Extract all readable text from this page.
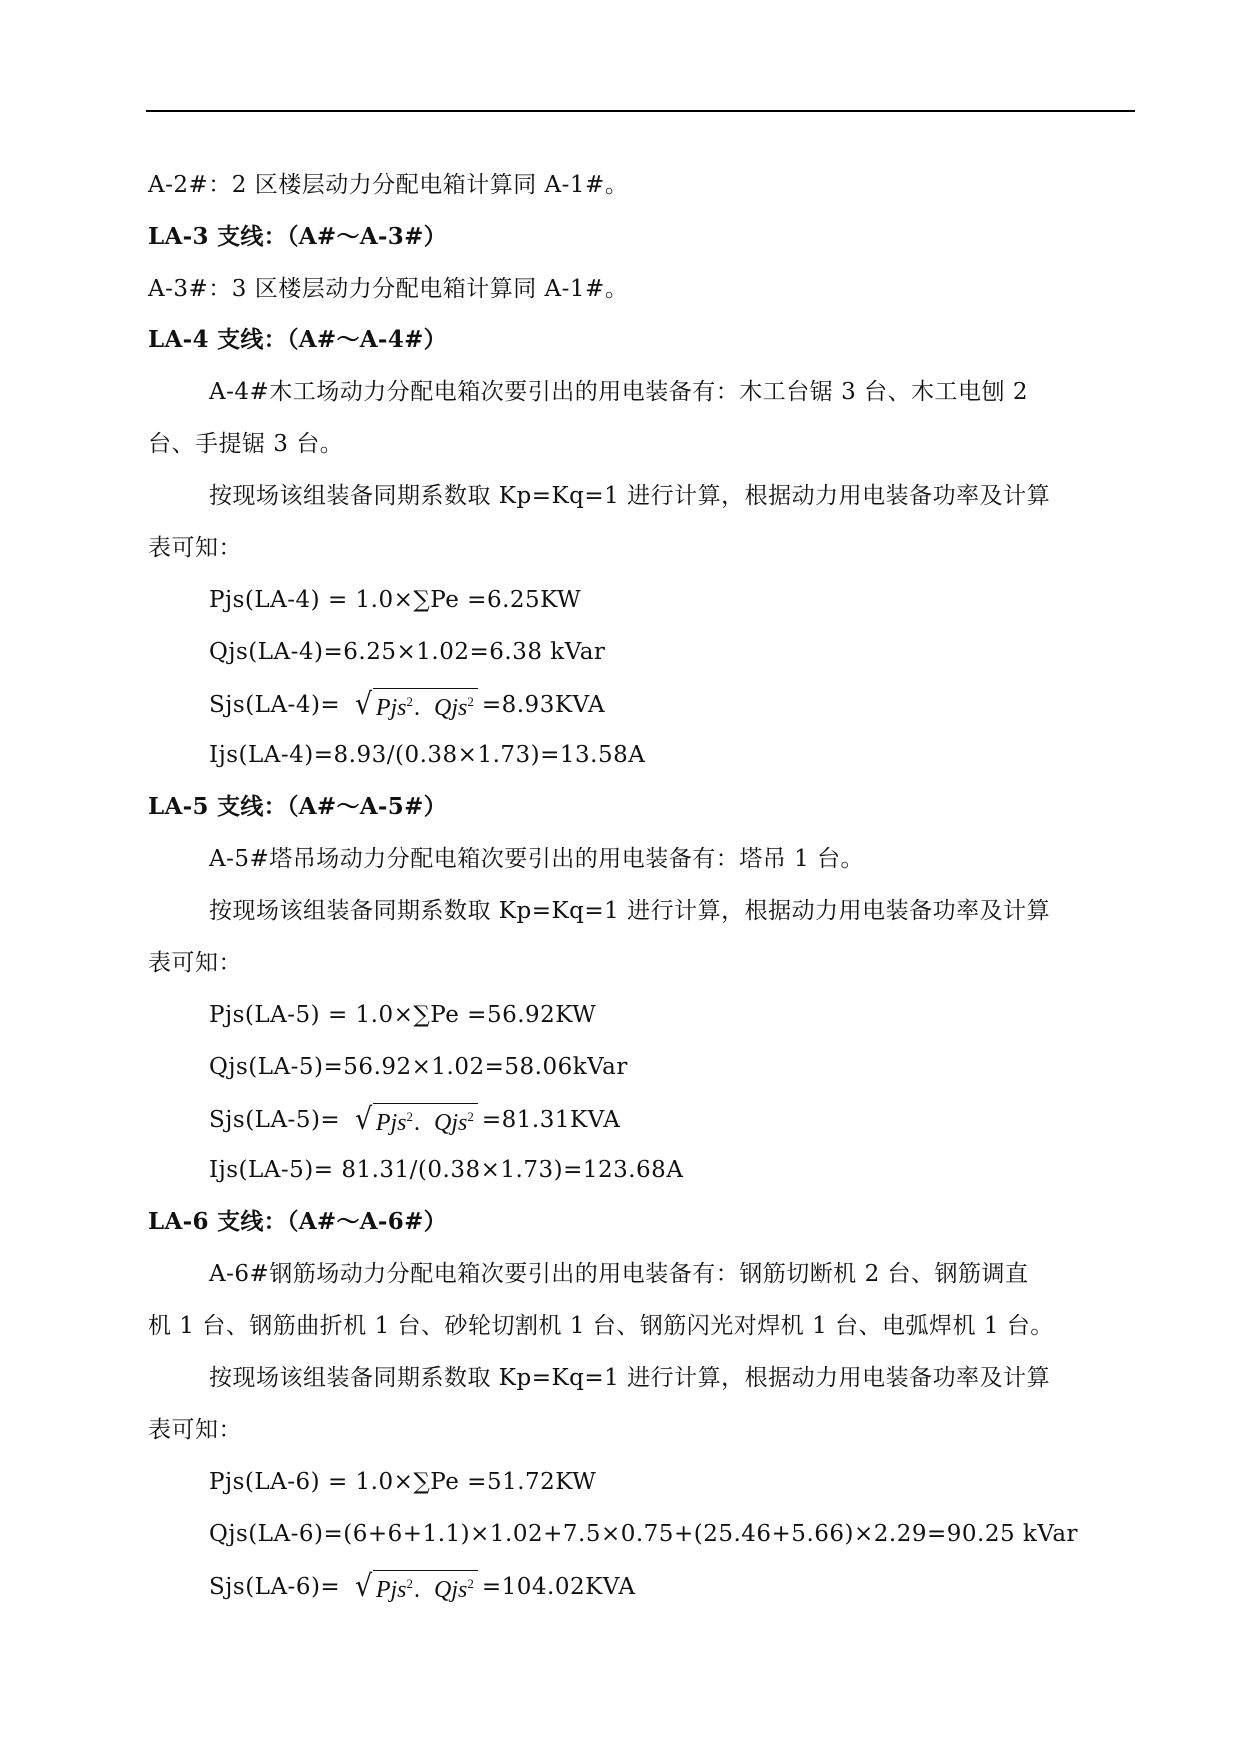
A-2#：2 区楼层动力分配电箱计算同 A-1#。
LA-3 支线：（A#～A-3#）
A-3#：3 区楼层动力分配电箱计算同 A-1#。
LA-4 支线：（A#～A-4#）
A-4#木工场动力分配电箱次要引出的用电装备有：木工台锯 3 台、木工电刨 2
台、手提锯 3 台。
按现场该组装备同期系数取 Kp=Kq=1 进行计算，根据动力用电装备功率及计算
表可知：
Pjs(LA-4) = 1.0×∑Pe =6.25KW
Qjs(LA-4)=6.25×1.02=6.38 kVar
Sjs(LA-4)= √ Pjs$^2$. Qjs$^2$ =8.93KVA
Ijs(LA-4)=8.93/(0.38×1.73)=13.58A
LA-5 支线：（A#～A-5#）
A-5#塔吊场动力分配电箱次要引出的用电装备有：塔吊 1 台。
按现场该组装备同期系数取 Kp=Kq=1 进行计算，根据动力用电装备功率及计算
表可知：
Pjs(LA-5) = 1.0×∑Pe =56.92KW
Qjs(LA-5)=56.92×1.02=58.06kVar
Sjs(LA-5)= √ Pjs$^2$. Qjs$^2$ =81.31KVA
Ijs(LA-5)= 81.31/(0.38×1.73)=123.68A
LA-6 支线：（A#～A-6#）
A-6#钢筋场动力分配电箱次要引出的用电装备有：钢筋切断机 2 台、钢筋调直
机 1 台、钢筋曲折机 1 台、砂轮切割机 1 台、钢筋闪光对焊机 1 台、电弧焊机 1 台。
按现场该组装备同期系数取 Kp=Kq=1 进行计算，根据动力用电装备功率及计算
表可知：
Pjs(LA-6) = 1.0×∑Pe =51.72KW
Qjs(LA-6)=(6+6+1.1)×1.02+7.5×0.75+(25.46+5.66)×2.29=90.25 kVar
Sjs(LA-6)= √ Pjs$^2$. Qjs$^2$ =104.02KVA
